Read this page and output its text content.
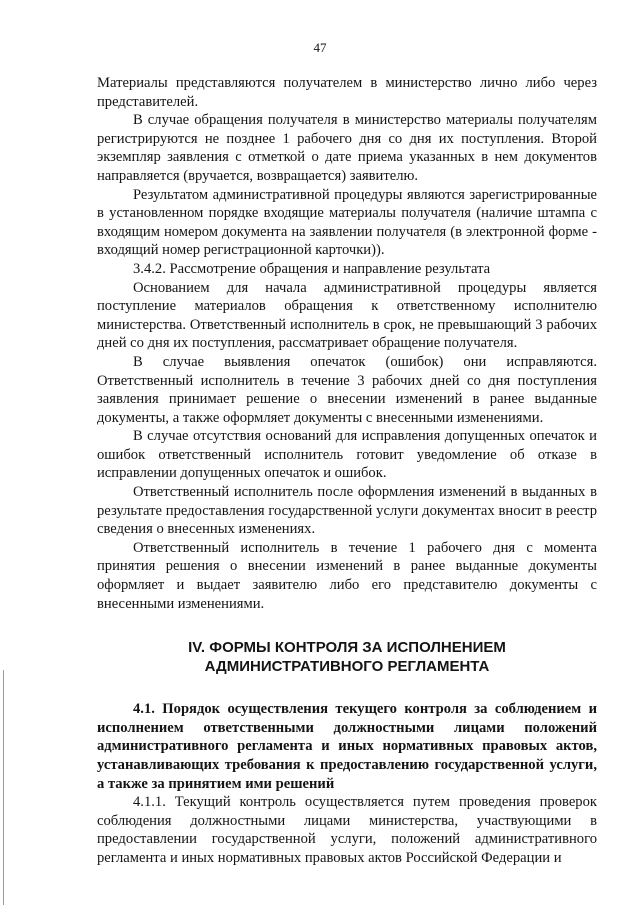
47

Материалы представляются получателем в министерство лично либо через представителей.

В случае обращения получателя в министерство материалы получателям регистрируются не позднее 1 рабочего дня со дня их поступления. Второй экземпляр заявления с отметкой о дате приема указанных в нем документов направляется (вручается, возвращается) заявителю.

Результатом административной процедуры являются зарегистрированные в установленном порядке входящие материалы получателя (наличие штампа с входящим номером документа на заявлении получателя (в электронной форме - входящий номер регистрационной карточки)).

3.4.2. Рассмотрение обращения и направление результата

Основанием для начала административной процедуры является поступление материалов обращения к ответственному исполнителю министерства. Ответственный исполнитель в срок, не превышающий 3 рабочих дней со дня их поступления, рассматривает обращение получателя.

В случае выявления опечаток (ошибок) они исправляются. Ответственный исполнитель в течение 3 рабочих дней со дня поступления заявления принимает решение о внесении изменений в ранее выданные документы, а также оформляет документы с внесенными изменениями.

В случае отсутствия оснований для исправления допущенных опечаток и ошибок ответственный исполнитель готовит уведомление об отказе в исправлении допущенных опечаток и ошибок.

Ответственный исполнитель после оформления изменений в выданных в результате предоставления государственной услуги документах вносит в реестр сведения о внесенных изменениях.

Ответственный исполнитель в течение 1 рабочего дня с момента принятия решения о внесении изменений в ранее выданные документы оформляет и выдает заявителю либо его представителю документы с внесенными изменениями.

IV. ФОРМЫ КОНТРОЛЯ ЗА ИСПОЛНЕНИЕМ
АДМИНИСТРАТИВНОГО РЕГЛАМЕНТА

4.1. Порядок осуществления текущего контроля за соблюдением и исполнением ответственными должностными лицами положений административного регламента и иных нормативных правовых актов, устанавливающих требования к предоставлению государственной услуги, а также за принятием ими решений

4.1.1. Текущий контроль осуществляется путем проведения проверок соблюдения должностными лицами министерства, участвующими в предоставлении государственной услуги, положений административного регламента и иных нормативных правовых актов Российской Федерации и
